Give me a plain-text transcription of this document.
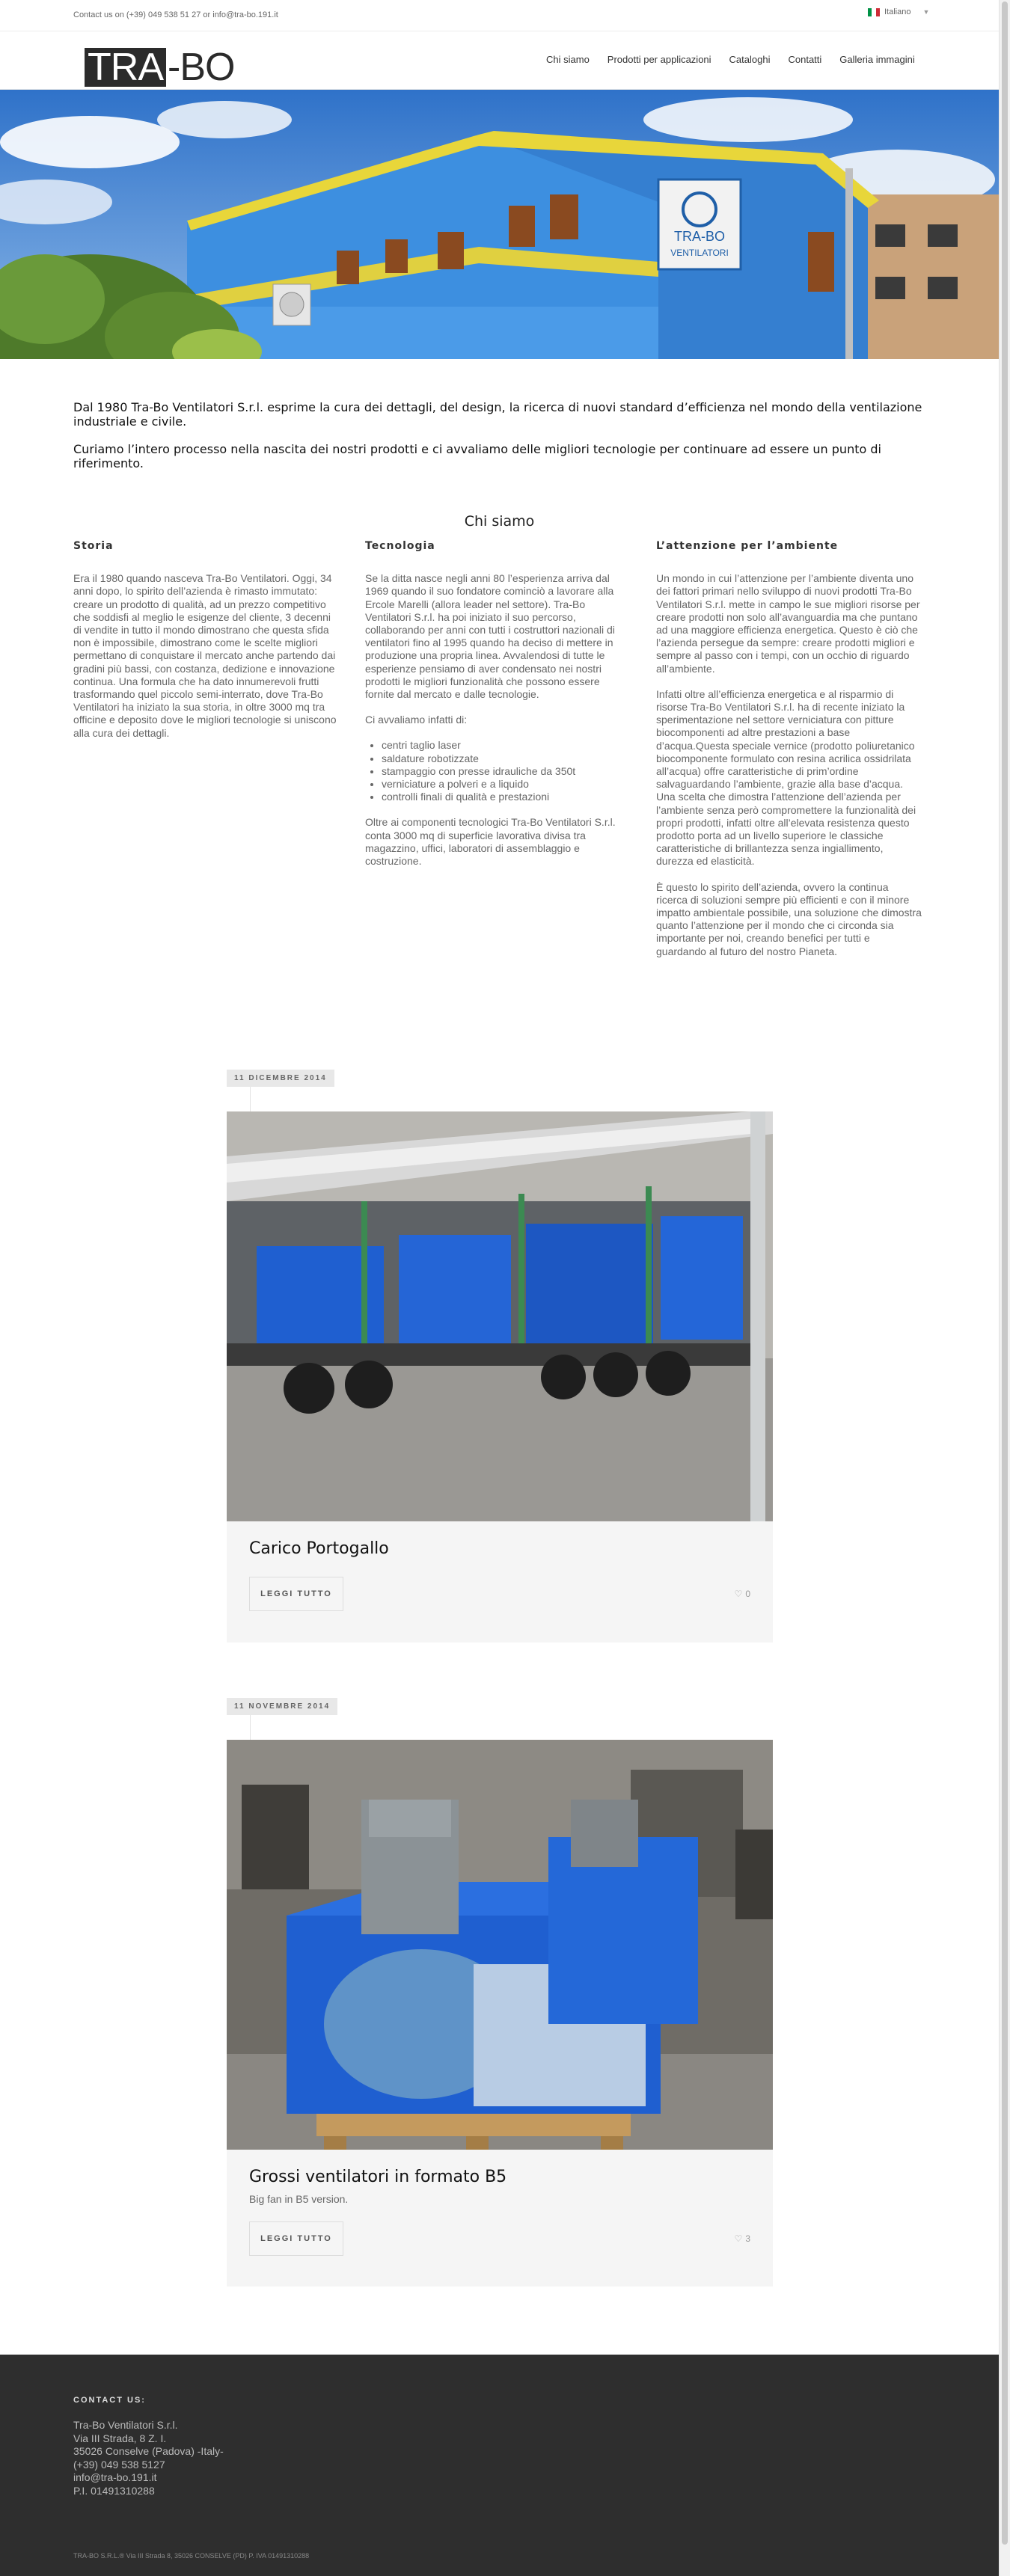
Contact us on (+39) 049 538 51 27 or info@tra-bo.191.it	Italiano ▼
TRA -BO	Chi siamo Prodotti per applicazioni Cataloghi Contatti Galleria immagini
TRA-BO
VENTILATORI

Dal 1980 Tra-Bo Ventilatori S.r.l. esprime la cura dei dettagli, del design, la ricerca di nuovi standard d’efficienza nel mondo della ventilazione industriale e civile.

Curiamo l’intero processo nella nascita dei nostri prodotti e ci avvaliamo delle migliori tecnologie per continuare ad essere un punto di riferimento.

Chi siamo
Storia

Era il 1980 quando nasceva Tra-Bo Ventilatori. Oggi, 34 anni dopo, lo spirito dell’azienda è rimasto immutato: creare un prodotto di qualità, ad un prezzo competitivo che soddisfi al meglio le esigenze del cliente, 3 decenni di vendite in tutto il mondo dimostrano che questa sfida non è impossibile, dimostrano come le scelte migliori permettano di conquistare il mercato anche partendo dai gradini più bassi, con costanza, dedizione e innovazione continua. Una formula che ha dato innumerevoli frutti trasformando quel piccolo semi-interrato, dove Tra-Bo Ventilatori ha iniziato la sua storia, in oltre 3000 mq tra officine e deposito dove le migliori tecnologie si uniscono alla cura dei dettagli.

Tecnologia

Se la ditta nasce negli anni 80 l’esperienza arriva dal 1969 quando il suo fondatore cominciò a lavorare alla Ercole Marelli (allora leader nel settore). Tra-Bo Ventilatori S.r.l. ha poi iniziato il suo percorso, collaborando per anni con tutti i costruttori nazionali di ventilatori fino al 1995 quando ha deciso di mettere in produzione una propria linea. Avvalendosi di tutte le esperienze pensiamo di aver condensato nei nostri prodotti le migliori funzionalità che possono essere fornite dal mercato e dalle tecnologie.

Ci avvaliamo infatti di:

• centri taglio laser
• saldature robotizzate
• stampaggio con presse idrauliche da 350t
• verniciature a polveri e a liquido
• controlli finali di qualità e prestazioni

Oltre ai componenti tecnologici Tra-Bo Ventilatori S.r.l. conta 3000 mq di superficie lavorativa divisa tra magazzino, uffici, laboratori di assemblaggio e costruzione.

L’attenzione per l’ambiente

Un mondo in cui l’attenzione per l’ambiente diventa uno dei fattori primari nello sviluppo di nuovi prodotti Tra-Bo Ventilatori S.r.l. mette in campo le sue migliori risorse per creare prodotti non solo all’avanguardia ma che puntano ad una maggiore efficienza energetica. Questo è ciò che l’azienda persegue da sempre: creare prodotti migliori e sempre al passo con i tempi, con un occhio di riguardo all’ambiente.

Infatti oltre all’efficienza energetica e al risparmio di risorse Tra-Bo Ventilatori S.r.l. ha di recente iniziato la sperimentazione nel settore verniciatura con pitture biocomponenti ad altre prestazioni a base d’acqua.Questa speciale vernice (prodotto poliuretanico biocomponente formulato con resina acrilica ossidrilata all’acqua) offre caratteristiche di prim’ordine salvaguardando l’ambiente, grazie alla base d’acqua. Una scelta che dimostra l’attenzione dell’azienda per l’ambiente senza però compromettere la funzionalità dei propri prodotti, infatti oltre all’elevata resistenza questo prodotto porta ad un livello superiore le classiche caratteristiche di brillantezza senza ingiallimento, durezza ed elasticità.

È questo lo spirito dell’azienda, ovvero la continua ricerca di soluzioni sempre più efficienti e con il minore impatto ambientale possibile, una soluzione che dimostra quanto l’attenzione per il mondo che ci circonda sia importante per noi, creando benefici per tutti e guardando al futuro del nostro Pianeta.

11 DICEMBRE 2014
Carico Portogallo
LEGGI TUTTO	♡ 0
11 NOVEMBRE 2014
Grossi ventilatori in formato B5
Big fan in B5 version.
LEGGI TUTTO	♡ 3
CONTACT US:
Tra-Bo Ventilatori S.r.l.
Via III Strada, 8 Z. I.
35026 Conselve (Padova) -Italy-
(+39) 049 538 5127
info@tra-bo.191.it
P.I. 01491310288
TRA-BO S.R.L.® Via III Strada 8, 35026 CONSELVE (PD) P. IVA 01491310288
